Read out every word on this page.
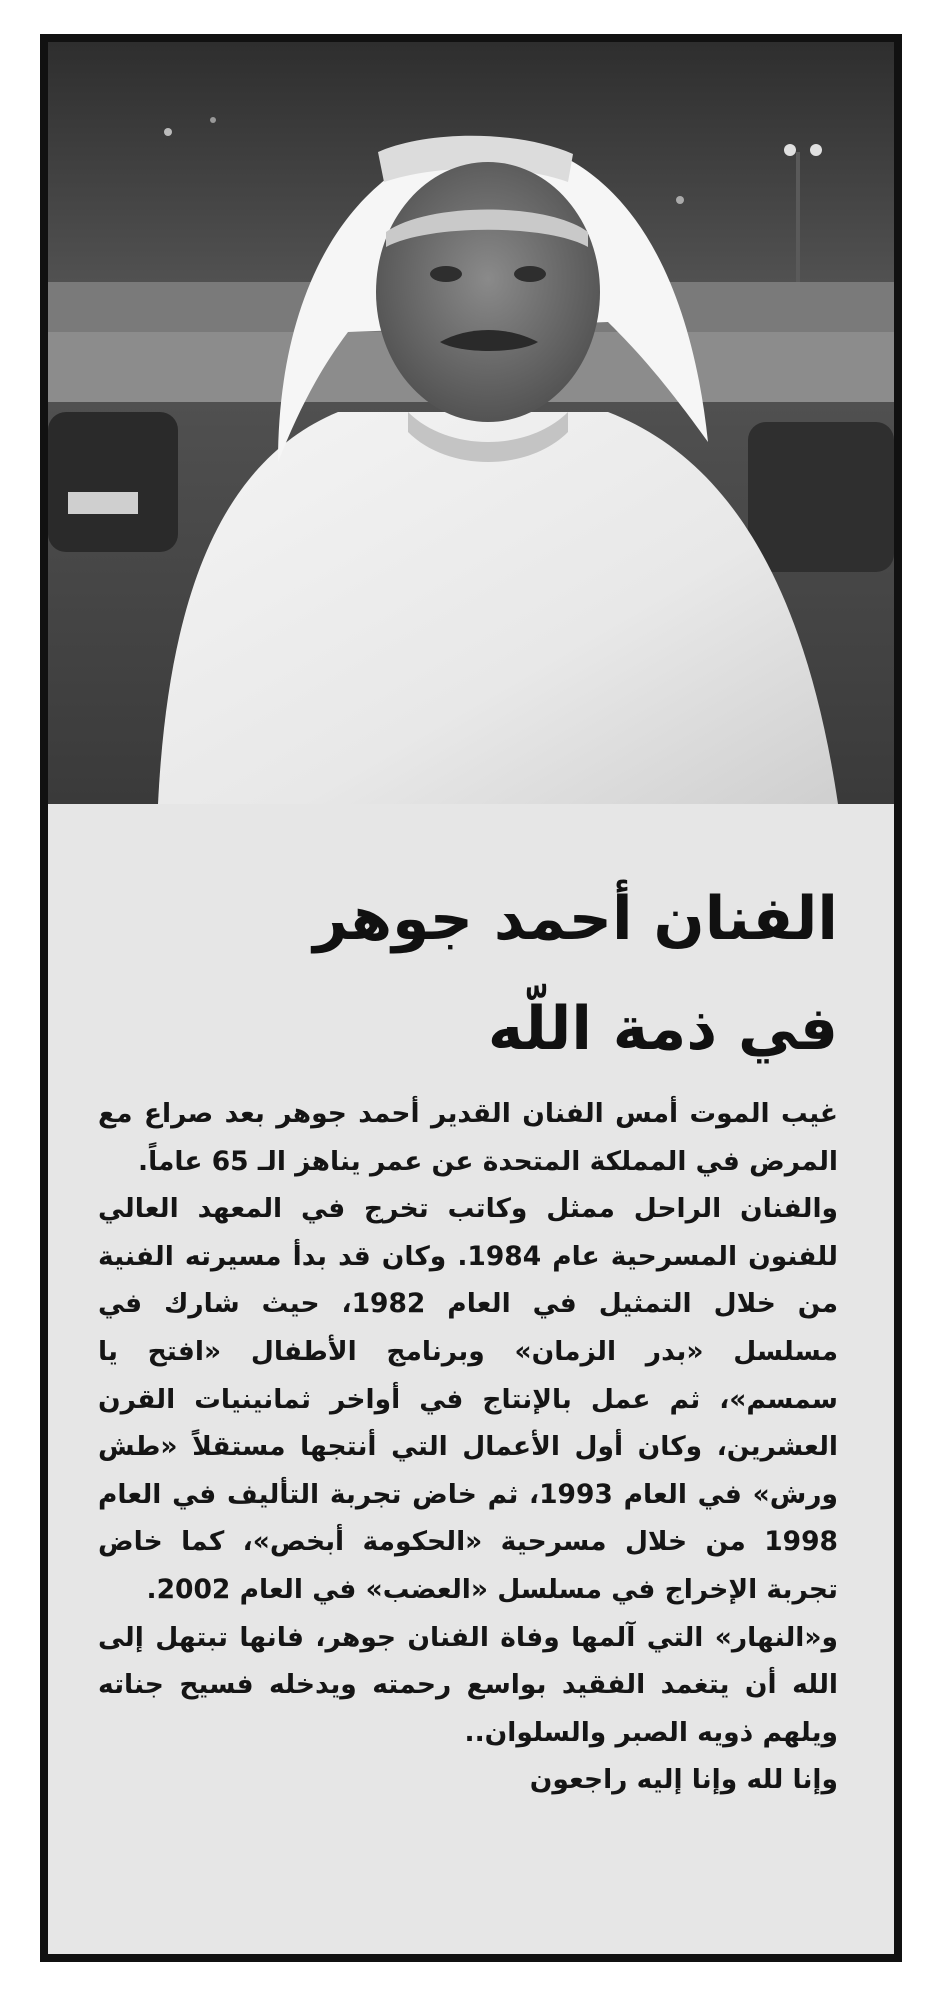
الفنان أحمد جوهر
في ذمة اللّه

غيب الموت أمس الفنان القدير أحمد جوهر بعد صراع مع المرض في المملكة المتحدة عن عمر يناهز الـ 65 عاماً.

والفنان الراحل ممثل وكاتب تخرج في المعهد العالي للفنون المسرحية عام 1984. وكان قد بدأ مسيرته الفنية من خلال التمثيل في العام 1982، حيث شارك في مسلسل «بدر الزمان» وبرنامج الأطفال «افتح يا سمسم»، ثم عمل بالإنتاج في أواخر ثمانينيات القرن العشرين، وكان أول الأعمال التي أنتجها مستقلاً «طش ورش» في العام 1993، ثم خاض تجربة التأليف في العام 1998 من خلال مسرحية «الحكومة أبخص»، كما خاض تجربة الإخراج في مسلسل «العضب» في العام 2002.

و«النهار» التي آلمها وفاة الفنان جوهر، فانها تبتهل إلى الله أن يتغمد الفقيد بواسع رحمته ويدخله فسيح جناته ويلهم ذويه الصبر والسلوان..

وإنا لله وإنا إليه راجعون
